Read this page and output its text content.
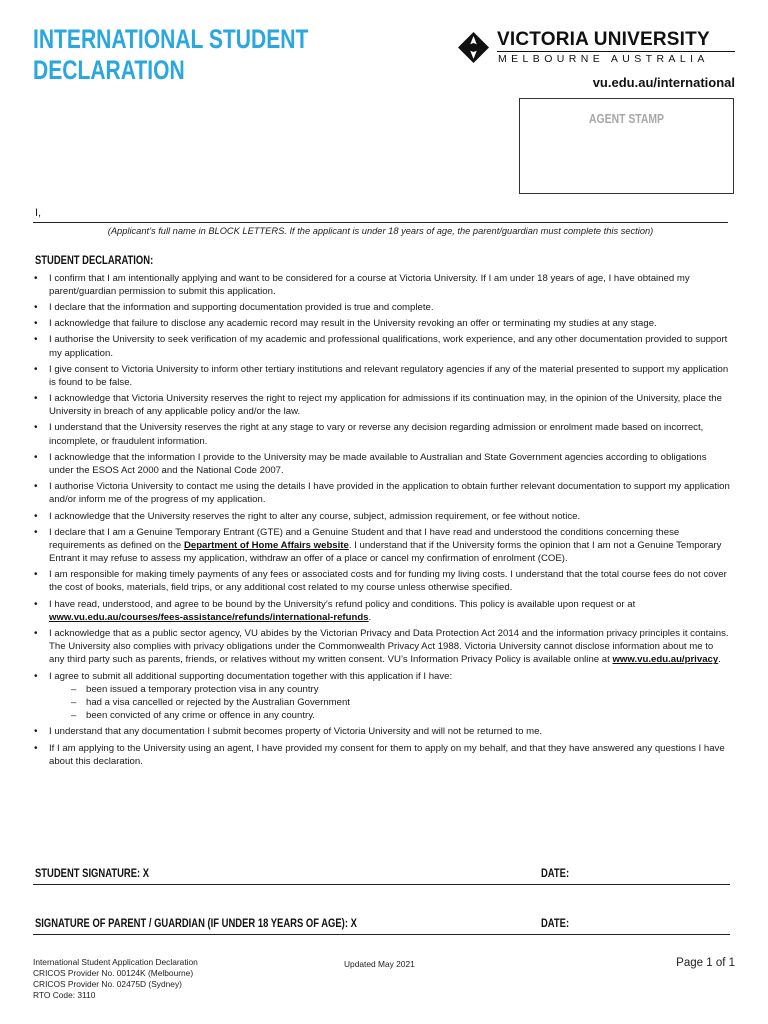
INTERNATIONAL STUDENT
DECLARATION
VICTORIA UNIVERSITY
MELBOURNE AUSTRALIA
vu.edu.au/international
AGENT STAMP
I,
(Applicant’s full name in BLOCK LETTERS. If the applicant is under 18 years of age, the parent/guardian must complete this section)
STUDENT DECLARATION:
• I confirm that I am intentionally applying and want to be considered for a course at Victoria University. If I am under 18 years of age, I have obtained my parent/guardian permission to submit this application.
• I declare that the information and supporting documentation provided is true and complete.
• I acknowledge that failure to disclose any academic record may result in the University revoking an offer or terminating my studies at any stage.
• I authorise the University to seek verification of my academic and professional qualifications, work experience, and any other documentation provided to support my application.
• I give consent to Victoria University to inform other tertiary institutions and relevant regulatory agencies if any of the material presented to support my application is found to be false.
• I acknowledge that Victoria University reserves the right to reject my application for admissions if its continuation may, in the opinion of the University, place the University in breach of any applicable policy and/or the law.
• I understand that the University reserves the right at any stage to vary or reverse any decision regarding admission or enrolment made based on incorrect, incomplete, or fraudulent information.
• I acknowledge that the information I provide to the University may be made available to Australian and State Government agencies according to obligations under the ESOS Act 2000 and the National Code 2007.
• I authorise Victoria University to contact me using the details I have provided in the application to obtain further relevant documentation to support my application and/or inform me of the progress of my application.
• I acknowledge that the University reserves the right to alter any course, subject, admission requirement, or fee without notice.
• I declare that I am a Genuine Temporary Entrant (GTE) and a Genuine Student and that I have read and understood the conditions concerning these requirements as defined on the Department of Home Affairs website. I understand that if the University forms the opinion that I am not a Genuine Temporary Entrant it may refuse to assess my application, withdraw an offer of a place or cancel my confirmation of enrolment (COE).
• I am responsible for making timely payments of any fees or associated costs and for funding my living costs. I understand that the total course fees do not cover the cost of books, materials, field trips, or any additional cost related to my course unless otherwise specified.
• I have read, understood, and agree to be bound by the University’s refund policy and conditions. This policy is available upon request or at www.vu.edu.au/courses/fees-assistance/refunds/international-refunds.
• I acknowledge that as a public sector agency, VU abides by the Victorian Privacy and Data Protection Act 2014 and the information privacy principles it contains. The University also complies with privacy obligations under the Commonwealth Privacy Act 1988. Victoria University cannot disclose information about me to any third party such as parents, friends, or relatives without my written consent. VU’s Information Privacy Policy is available online at www.vu.edu.au/privacy.
• I agree to submit all additional supporting documentation together with this application if I have:
– been issued a temporary protection visa in any country
– had a visa cancelled or rejected by the Australian Government
– been convicted of any crime or offence in any country.
• I understand that any documentation I submit becomes property of Victoria University and will not be returned to me.
• If I am applying to the University using an agent, I have provided my consent for them to apply on my behalf, and that they have answered any questions I have about this declaration.
STUDENT SIGNATURE: X	DATE:
SIGNATURE OF PARENT / GUARDIAN (IF UNDER 18 YEARS OF AGE): X	DATE:
International Student Application Declaration
CRICOS Provider No. 00124K (Melbourne)
CRICOS Provider No. 02475D (Sydney)
RTO Code: 3110
Updated May 2021	Page 1 of 1
